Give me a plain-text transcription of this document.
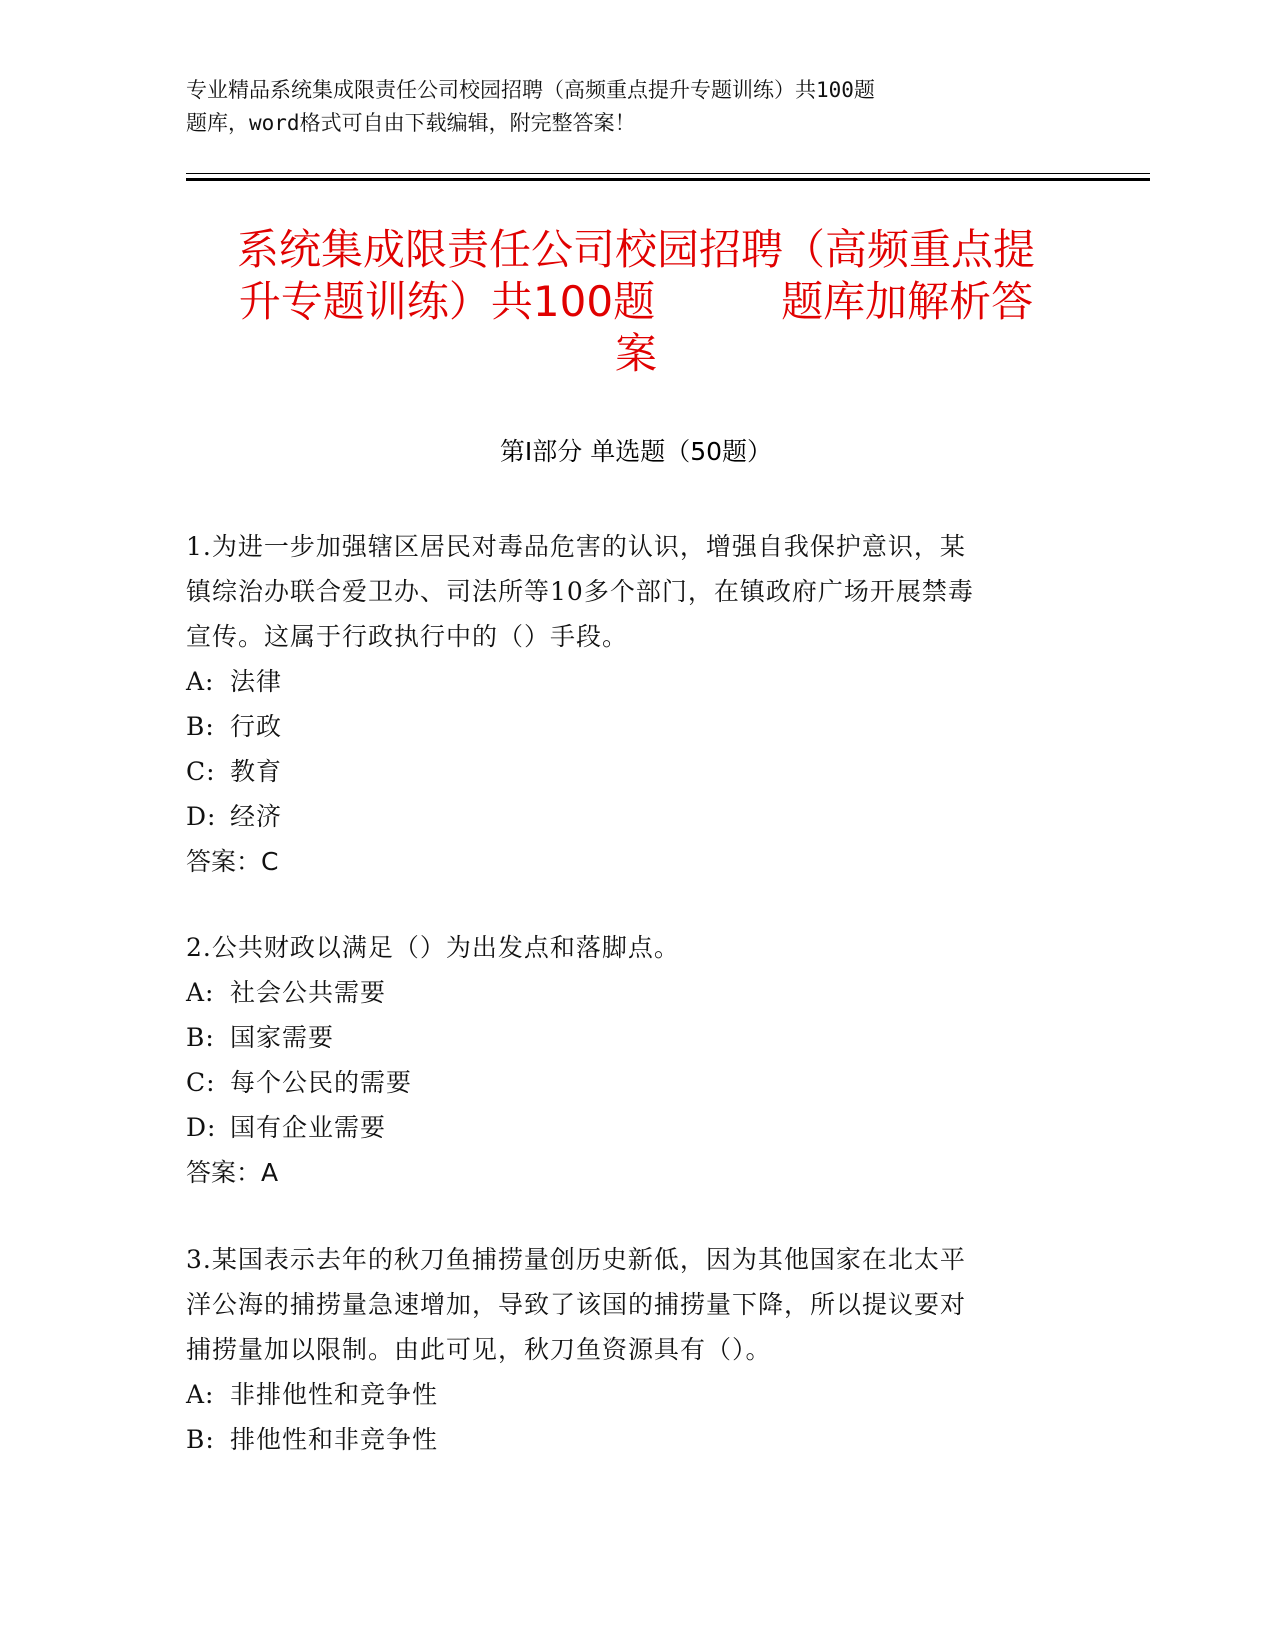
专业精品系统集成限责任公司校园招聘（高频重点提升专题训练）共100题
题库，word格式可自由下载编辑，附完整答案！
系统集成限责任公司校园招聘（高频重点提
升专题训练）共100题　　　题库加解析答
案
第Ⅰ部分 单选题（50题）
1.为进一步加强辖区居民对毒品危害的认识，增强自我保护意识，某
镇综治办联合爱卫办、司法所等10多个部门，在镇政府广场开展禁毒
宣传。这属于行政执行中的（）手段。
A: 法律
B: 行政
C: 教育
D: 经济
答案：C
2.公共财政以满足（）为出发点和落脚点。
A: 社会公共需要
B: 国家需要
C: 每个公民的需要
D: 国有企业需要
答案：A
3.某国表示去年的秋刀鱼捕捞量创历史新低，因为其他国家在北太平
洋公海的捕捞量急速增加，导致了该国的捕捞量下降，所以提议要对
捕捞量加以限制。由此可见，秋刀鱼资源具有（）。
A: 非排他性和竞争性
B: 排他性和非竞争性
